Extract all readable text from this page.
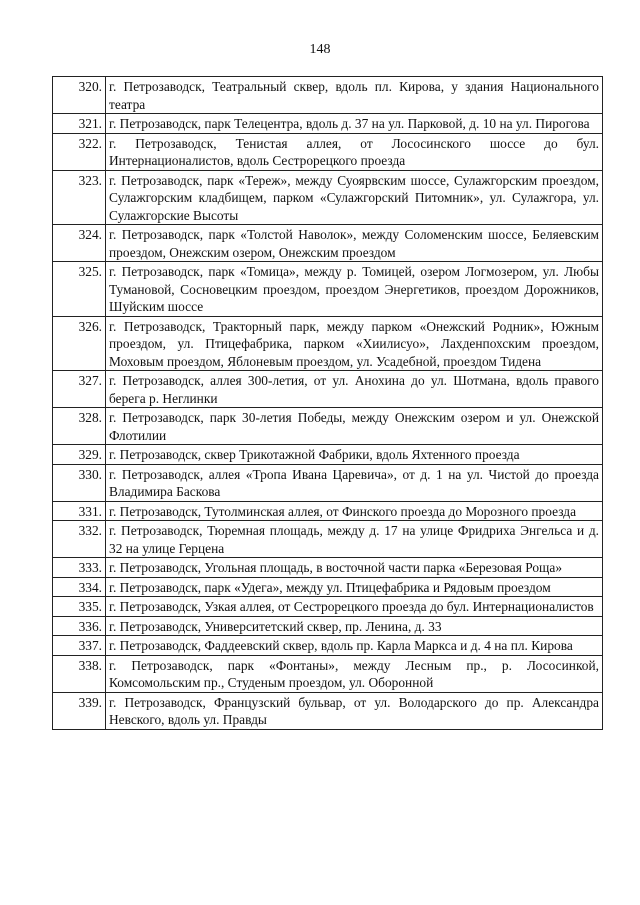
148
320.	г. Петрозаводск, Театральный сквер, вдоль пл. Кирова, у здания Национального театра
321.	г. Петрозаводск, парк Телецентра, вдоль д. 37 на ул. Парковой, д. 10 на ул. Пирогова
322.	г. Петрозаводск, Тенистая аллея, от Лососинского шоссе до бул. Интернационалистов, вдоль Сестрорецкого проезда
323.	г. Петрозаводск, парк «Тереж», между Суоярвским шоссе, Сулажгорским проездом, Сулажгорским кладбищем, парком «Сулажгорский Питомник», ул. Сулажгора, ул. Сулажгорские Высоты
324.	г. Петрозаводск, парк «Толстой Наволок», между Соломенским шоссе, Беляевским проездом, Онежским озером, Онежским проездом
325.	г. Петрозаводск, парк «Томица», между р. Томицей, озером Логмозером, ул. Любы Тумановой, Сосновецким проездом, проездом Энергетиков, проездом Дорожников, Шуйским шоссе
326.	г. Петрозаводск, Тракторный парк, между парком «Онежский Родник», Южным проездом, ул. Птицефабрика, парком «Хиилисуо», Лахденпохским проездом, Моховым проездом, Яблоневым проездом, ул. Усадебной, проездом Тидена
327.	г. Петрозаводск, аллея 300-летия, от ул. Анохина до ул. Шотмана, вдоль правого берега р. Неглинки
328.	г. Петрозаводск, парк 30-летия Победы, между Онежским озером и ул. Онежской Флотилии
329.	г. Петрозаводск, сквер Трикотажной Фабрики, вдоль Яхтенного проезда
330.	г. Петрозаводск, аллея «Тропа Ивана Царевича», от д. 1 на ул. Чистой до проезда Владимира Баскова
331.	г. Петрозаводск, Тутолминская аллея, от Финского проезда до Морозного проезда
332.	г. Петрозаводск, Тюремная площадь, между д. 17 на улице Фридриха Энгельса и д. 32 на улице Герцена
333.	г. Петрозаводск, Угольная площадь, в восточной части парка «Березовая Роща»
334.	г. Петрозаводск, парк «Удега», между ул. Птицефабрика и Рядовым проездом
335.	г. Петрозаводск, Узкая аллея, от Сестрорецкого проезда до бул. Интернационалистов
336.	г. Петрозаводск, Университетский сквер, пр. Ленина, д. 33
337.	г. Петрозаводск, Фаддеевский сквер, вдоль пр. Карла Маркса и д. 4 на пл. Кирова
338.	г. Петрозаводск, парк «Фонтаны», между Лесным пр., р. Лососинкой, Комсомольским пр., Студеным проездом, ул. Оборонной
339.	г. Петрозаводск, Французский бульвар, от ул. Володарского до пр. Александра Невского, вдоль ул. Правды
